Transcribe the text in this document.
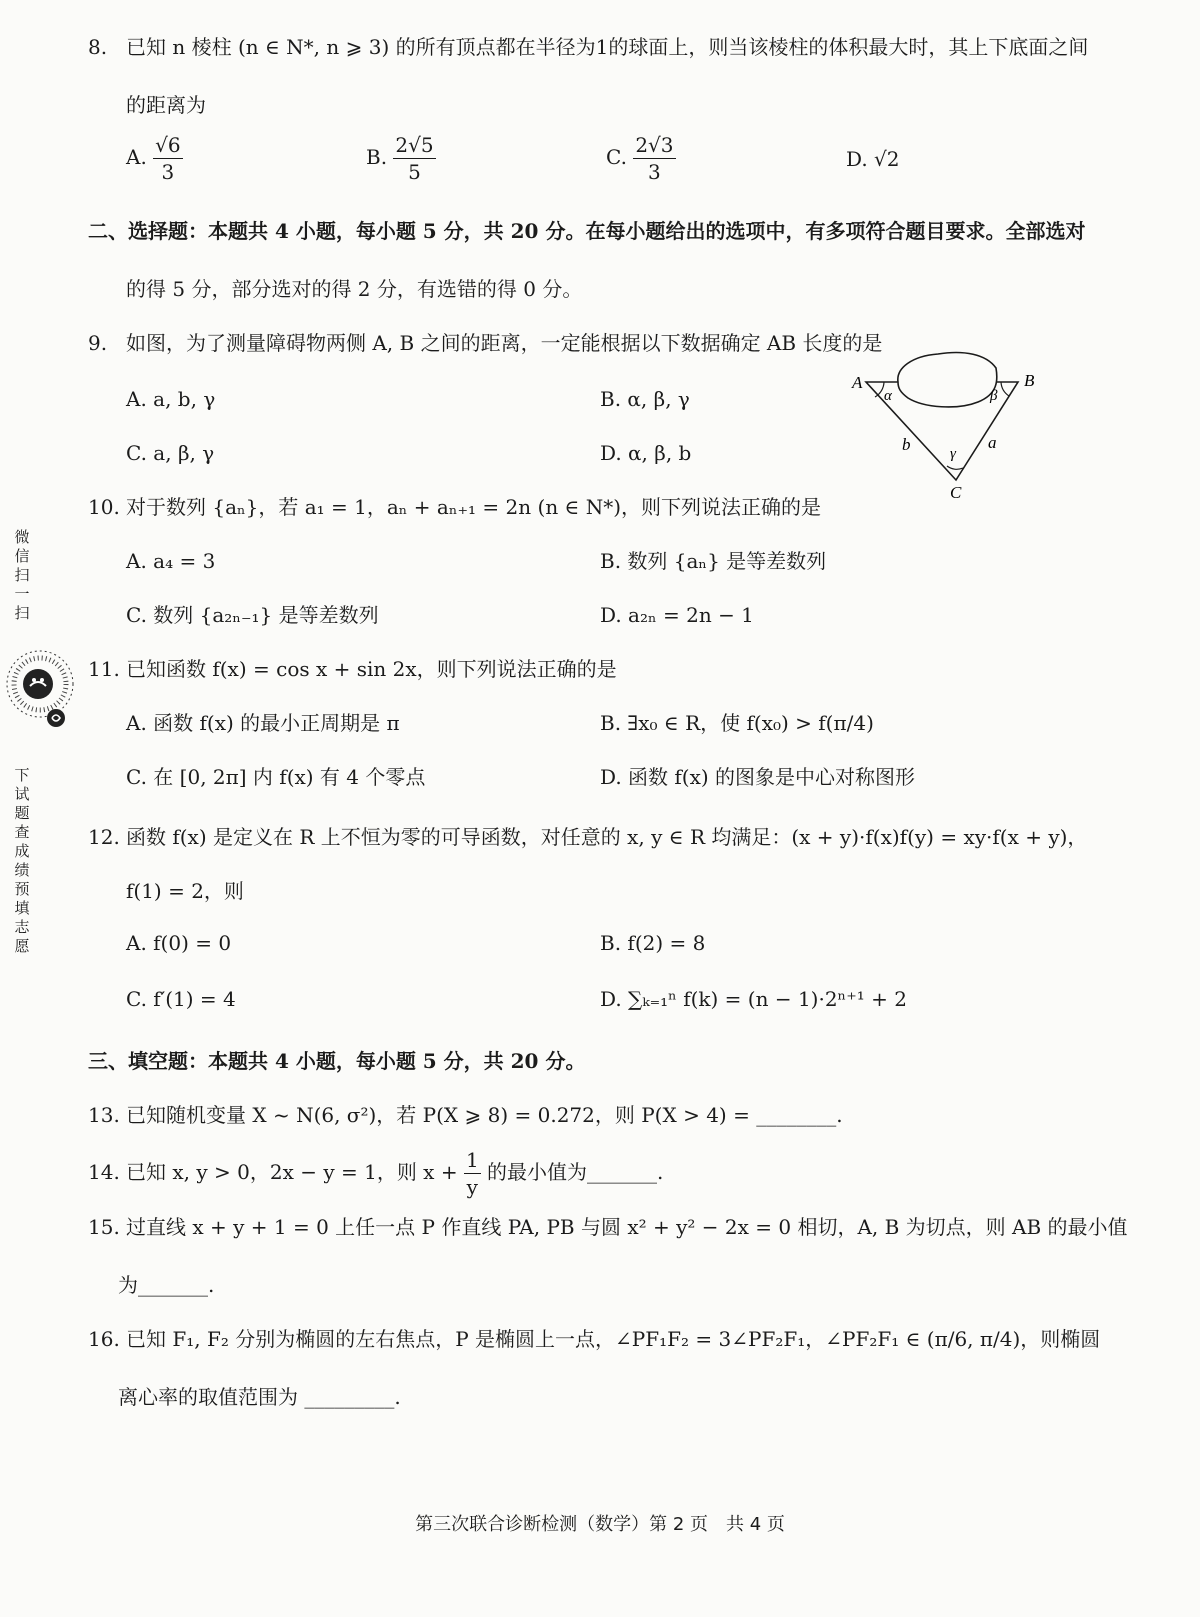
8. 已知 n 棱柱 (n ∈ N*, n ⩾ 3) 的所有顶点都在半径为1的球面上，则当该棱柱的体积最大时，其上下底面之间
的距离为
A. $\frac{√6}{3}$	B. $\frac{2√5}{5}$	C. $\frac{2√3}{3}$	D. √2
二、选择题：本题共 4 小题，每小题 5 分，共 20 分。在每小题给出的选项中，有多项符合题目要求。全部选对
的得 5 分，部分选对的得 2 分，有选错的得 0 分。
9. 如图，为了测量障碍物两侧 A, B 之间的距离，一定能根据以下数据确定 AB 长度的是
A. a, b, γ	B. α, β, γ
C. a, β, γ	D. α, β, b
A	B
C
α	β
γ
a
b
10. 对于数列 {aₙ}，若 a₁ = 1，aₙ + aₙ₊₁ = 2n (n ∈ N*)，则下列说法正确的是
A. a₄ = 3	B. 数列 {aₙ} 是等差数列
C. 数列 {a₂ₙ₋₁} 是等差数列	D. a₂ₙ = 2n − 1
11. 已知函数 f(x) = cos x + sin 2x，则下列说法正确的是
A. 函数 f(x) 的最小正周期是 π	B. ∃x₀ ∈ R，使 f(x₀) > f(π/4)
C. 在 [0, 2π] 内 f(x) 有 4 个零点	D. 函数 f(x) 的图象是中心对称图形
12. 函数 f(x) 是定义在 R 上不恒为零的可导函数，对任意的 x, y ∈ R 均满足：(x + y)·f(x)f(y) = xy·f(x + y)，
f(1) = 2，则
A. f(0) = 0	B. f(2) = 8
C. f′(1) = 4	D. ∑ₖ₌₁ⁿ f(k) = (n − 1)·2ⁿ⁺¹ + 2
三、填空题：本题共 4 小题，每小题 5 分，共 20 分。
13. 已知随机变量 X ~ N(6, σ²)，若 P(X ⩾ 8) = 0.272，则 P(X > 4) = ________.
14. 已知 x, y > 0，2x − y = 1，则 $x + \frac{1}{y}$ 的最小值为_______.
15. 过直线 x + y + 1 = 0 上任一点 P 作直线 PA, PB 与圆 x² + y² − 2x = 0 相切，A, B 为切点，则 AB 的最小值
为_______.
16. 已知 F₁, F₂ 分别为椭圆的左右焦点，P 是椭圆上一点，∠PF₁F₂ = 3∠PF₂F₁，∠PF₂F₁ ∈ (π/6, π/4)，则椭圆
离心率的取值范围为 _________.
微信扫一扫
下试题 查成绩 预填志愿
第三次联合诊断检测（数学）第 2 页　共 4 页
